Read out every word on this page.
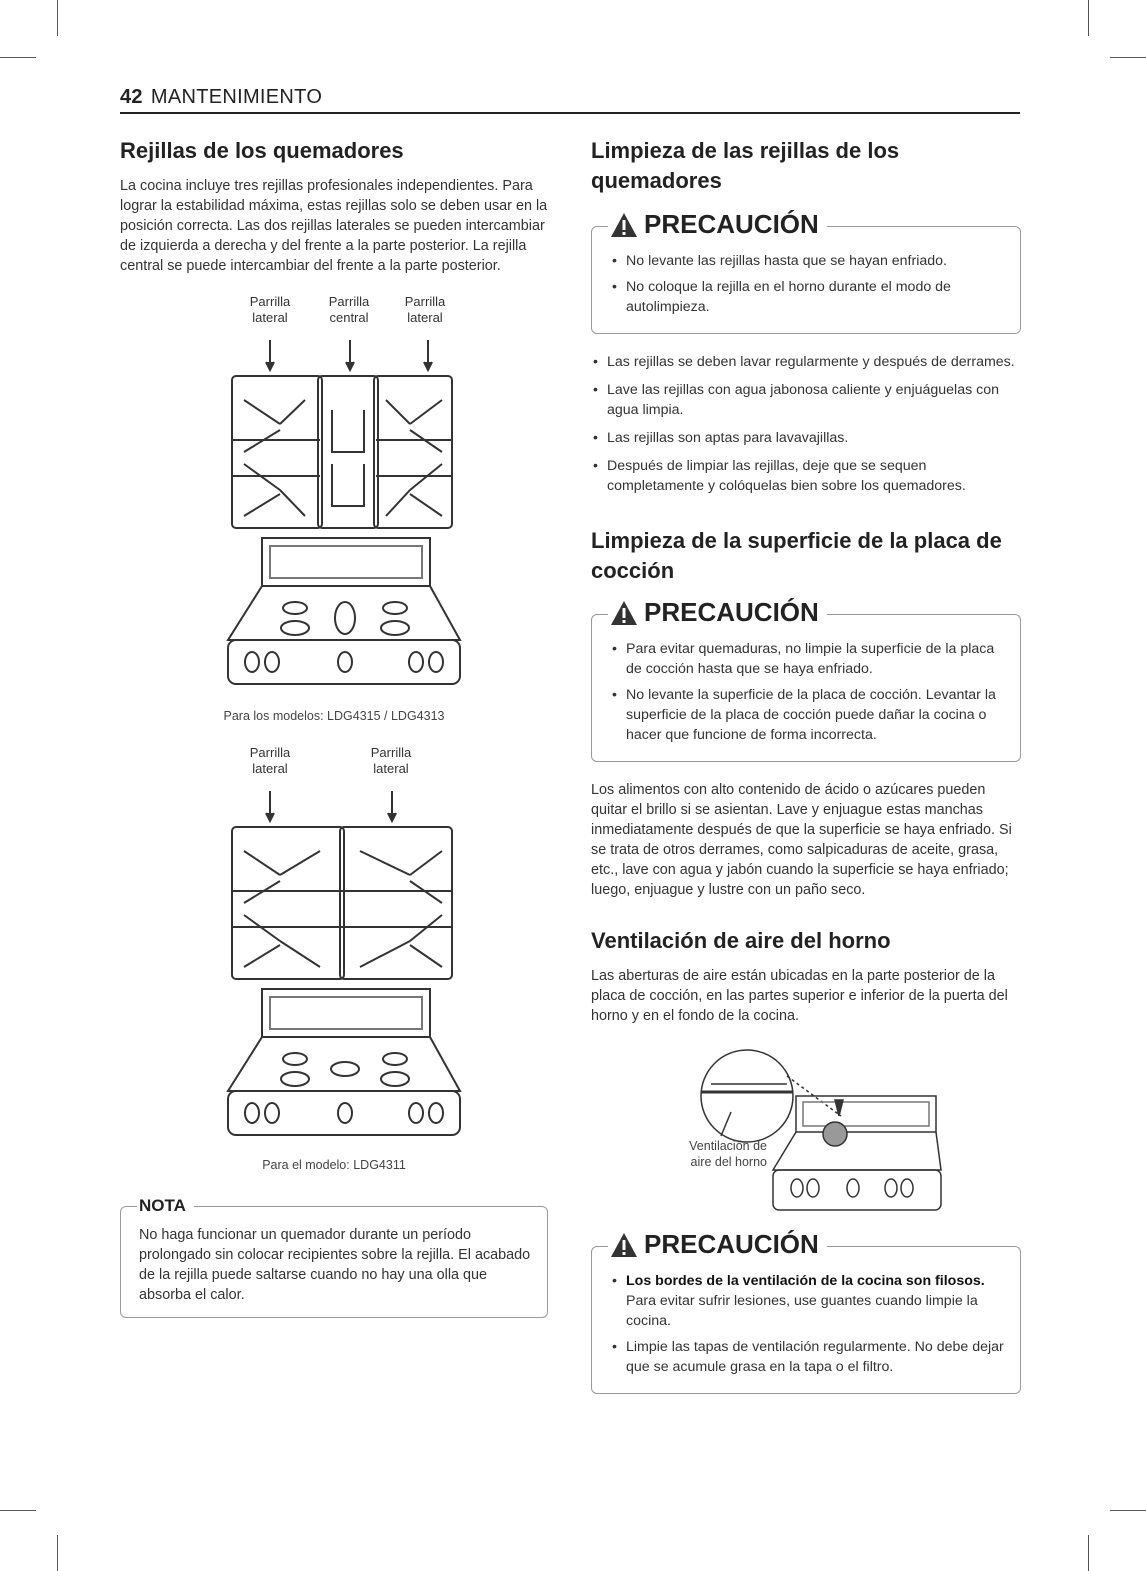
42 MANTENIMIENTO
Rejillas de los quemadores

La cocina incluye tres rejillas profesionales independientes. Para lograr la estabilidad máxima, estas rejillas solo se deben usar en la posición correcta. Las dos rejillas laterales se pueden intercambiar de izquierda a derecha y del frente a la parte posterior. La rejilla central se puede intercambiar del frente a la parte posterior.

Parrilla
lateral
Parrilla
central
Parrilla
lateral
Para los modelos: LDG4315 / LDG4313
Parrilla
lateral
Parrilla
lateral
Para el modelo: LDG4311
NOTA

No haga funcionar un quemador durante un período prolongado sin colocar recipientes sobre la rejilla. El acabado de la rejilla puede saltarse cuando no hay una olla que absorba el calor.

Limpieza de las rejillas de los quemadores
PRECAUCIÓN
• No levante las rejillas hasta que se hayan enfriado.
• No coloque la rejilla en el horno durante el modo de autolimpieza.
• Las rejillas se deben lavar regularmente y después de derrames.
• Lave las rejillas con agua jabonosa caliente y enjuáguelas con agua limpia.
• Las rejillas son aptas para lavavajillas.
• Después de limpiar las rejillas, deje que se sequen completamente y colóquelas bien sobre los quemadores.
Limpieza de la superficie de la placa de cocción
PRECAUCIÓN
• Para evitar quemaduras, no limpie la superficie de la placa de cocción hasta que se haya enfriado.
• No levante la superficie de la placa de cocción. Levantar la superficie de la placa de cocción puede dañar la cocina o hacer que funcione de forma incorrecta.

Los alimentos con alto contenido de ácido o azúcares pueden quitar el brillo si se asientan. Lave y enjuague estas manchas inmediatamente después de que la superficie se haya enfriado. Si se trata de otros derrames, como salpicaduras de aceite, grasa, etc., lave con agua y jabón cuando la superficie se haya enfriado; luego, enjuague y lustre con un paño seco.

Ventilación de aire del horno

Las aberturas de aire están ubicadas en la parte posterior de la placa de cocción, en las partes superior e inferior de la puerta del horno y en el fondo de la cocina.

Ventilación de
aire del horno
PRECAUCIÓN
• Los bordes de la ventilación de la cocina son filosos. Para evitar sufrir lesiones, use guantes cuando limpie la cocina.
• Limpie las tapas de ventilación regularmente. No debe dejar que se acumule grasa en la tapa o el filtro.
